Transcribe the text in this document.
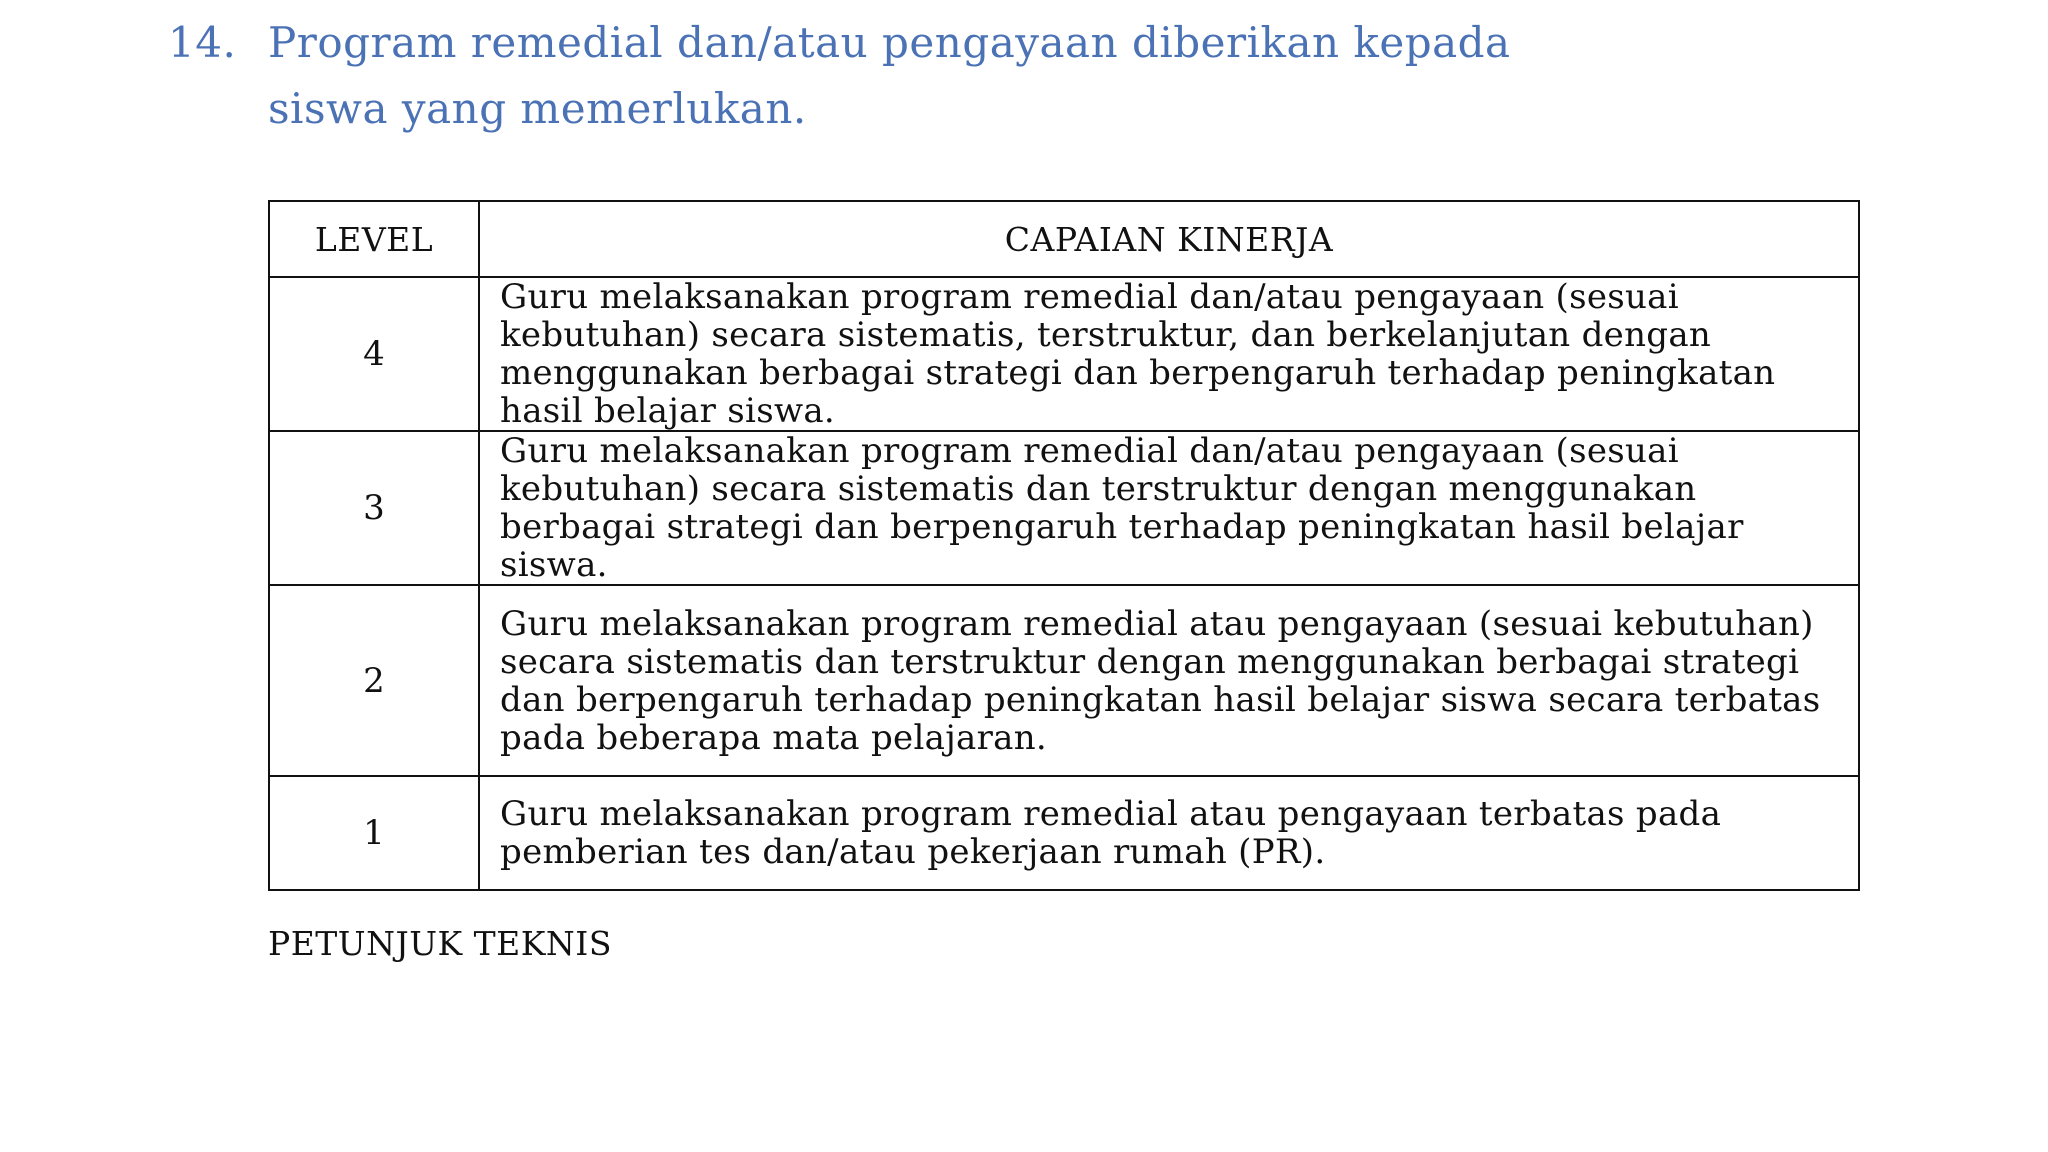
14. Program remedial dan/atau pengayaan diberikan kepada
siswa yang memerlukan.
LEVEL	CAPAIAN KINERJA
4	Guru melaksanakan program remedial dan/atau pengayaan (sesuai kebutuhan) secara sistematis, terstruktur, dan berkelanjutan dengan menggunakan berbagai strategi dan berpengaruh terhadap peningkatan hasil belajar siswa.
3	Guru melaksanakan program remedial dan/atau pengayaan (sesuai kebutuhan) secara sistematis dan terstruktur dengan menggunakan berbagai strategi dan berpengaruh terhadap peningkatan hasil belajar siswa.
2	Guru melaksanakan program remedial atau pengayaan (sesuai kebutuhan) secara sistematis dan terstruktur dengan menggunakan berbagai strategi dan berpengaruh terhadap peningkatan hasil belajar siswa secara terbatas pada beberapa mata pelajaran.
1	Guru melaksanakan program remedial atau pengayaan terbatas pada pemberian tes dan/atau pekerjaan rumah (PR).
PETUNJUK TEKNIS
